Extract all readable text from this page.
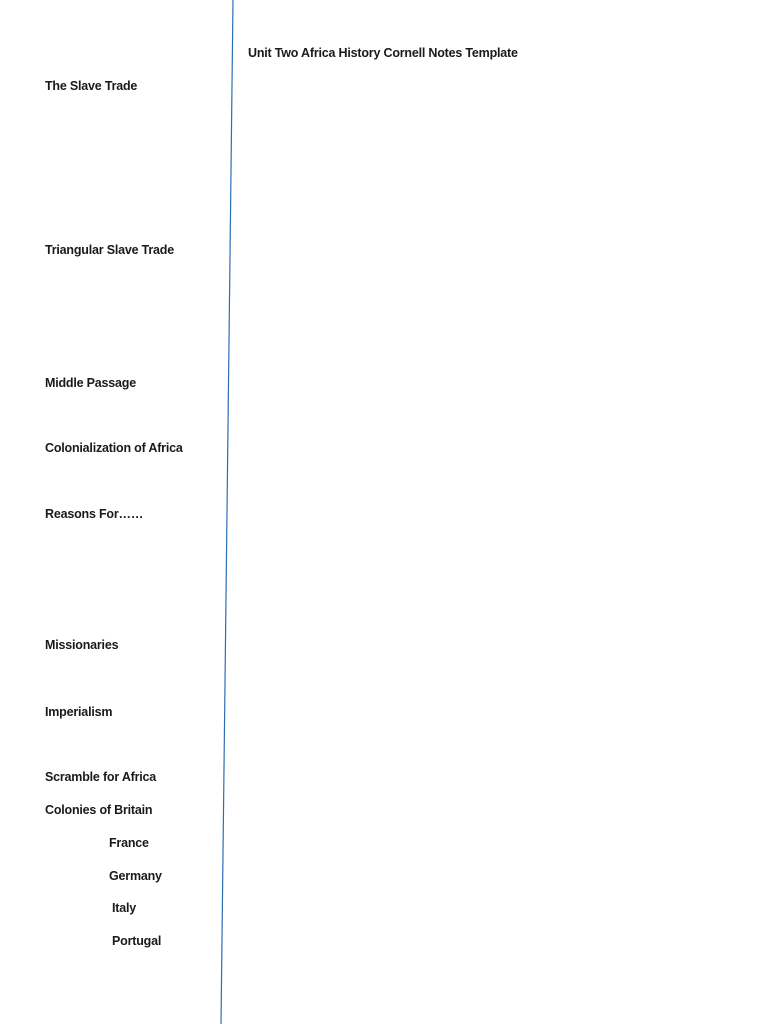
Unit Two Africa History Cornell Notes Template
The Slave Trade
Triangular Slave Trade
Middle Passage
Colonialization of Africa
Reasons For……
Missionaries
Imperialism
Scramble for Africa
Colonies of Britain
France
Germany
Italy
Portugal
